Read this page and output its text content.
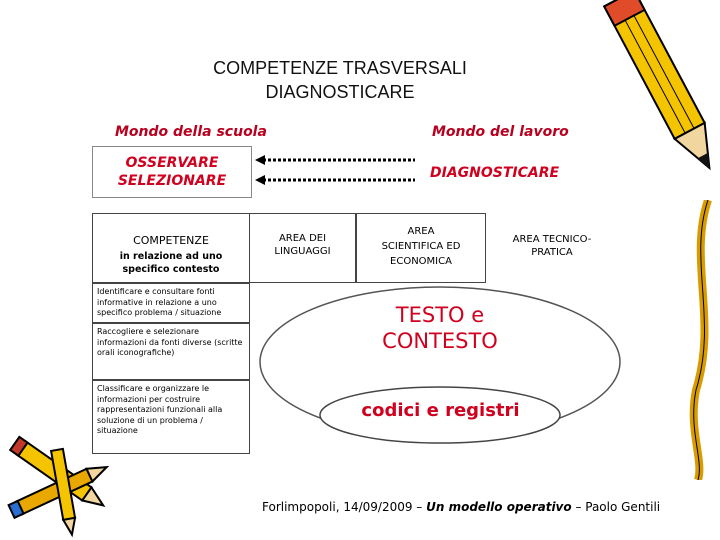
COMPETENZE TRASVERSALI
DIAGNOSTICARE
Mondo della scuola	Mondo del lavoro
OSSERVARE
SELEZIONARE	DIAGNOSTICARE
COMPETENZE
in relazione ad uno
specifico contesto
AREA DEI
LINGUAGGI
AREA
SCIENTIFICA ED
ECONOMICA
AREA TECNICO-
PRATICA
Identificare e consultare fonti informative in relazione a uno specifico problema / situazione
Raccogliere e selezionare informazioni da fonti diverse (scritte orali iconografiche)
Classificare e organizzare le informazioni per costruire rappresentazioni funzionali alla soluzione di un problema / situazione
TESTO e
CONTESTO
codici e registri
Forlimpopoli, 14/09/2009 – Un modello operativo – Paolo Gentili
